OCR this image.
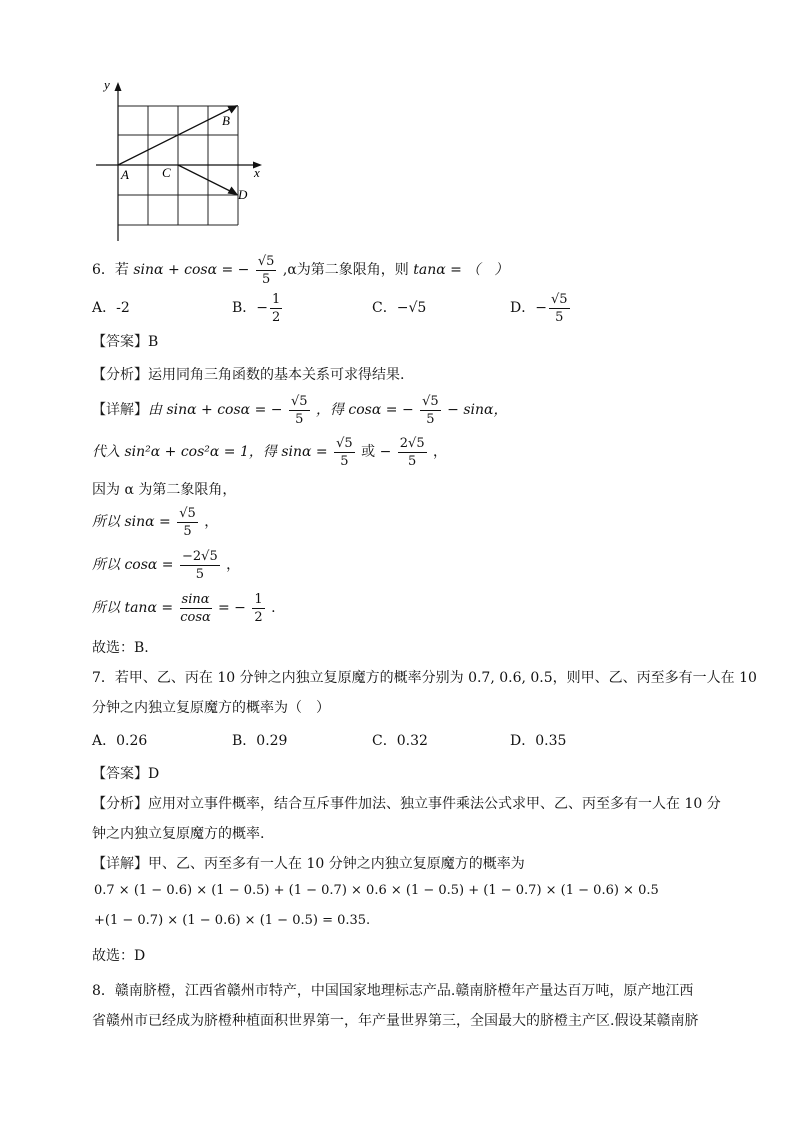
y
x
A
B
C
D
6．若 sinα + cosα = − $\frac{√5}{5} ,\alpha$为第二象限角，则 tanα = （　）
A．-2	B．− $\frac{1}{2}$	C．−√5	D．− $\frac{√5}{5}$
【答案】B
【分析】运用同角三角函数的基本关系可求得结果.
【详解】由 sinα + cosα = − $\frac{√5}{5}$ ，得 cosα = − $\frac{√5}{5} - \sin\alpha$，
代入 sin²α + cos²α = 1，得 $\sin\alpha = \frac{√5}{5}$ 或 − $\frac{2√5}{5}$ ，
因为 α 为第二象限角，
所以 $\sin\alpha = \frac{√5}{5}$ ，
所以 $\cos\alpha = \frac{-2√5}{5}$ ，
所以 $\tan\alpha = \frac{\sin\alpha}{\cos\alpha}$ = − $\frac{1}{2}$ .
故选：B.
7．若甲、乙、丙在 10 分钟之内独立复原魔方的概率分别为 0.7, 0.6, 0.5，则甲、乙、丙至多有一人在 10
分钟之内独立复原魔方的概率为（　）
A．0.26	B．0.29	C．0.32	D．0.35
【答案】D
【分析】应用对立事件概率，结合互斥事件加法、独立事件乘法公式求甲、乙、丙至多有一人在 10 分
钟之内独立复原魔方的概率.
【详解】甲、乙、丙至多有一人在 10 分钟之内独立复原魔方的概率为
0.7 × (1 − 0.6) × (1 − 0.5) + (1 − 0.7) × 0.6 × (1 − 0.5) + (1 − 0.7) × (1 − 0.6) × 0.5
+(1 − 0.7) × (1 − 0.6) × (1 − 0.5) = 0.35.
故选：D
8．赣南脐橙，江西省赣州市特产，中国国家地理标志产品.赣南脐橙年产量达百万吨，原产地江西
省赣州市已经成为脐橙种植面积世界第一，年产量世界第三，全国最大的脐橙主产区.假设某赣南脐
